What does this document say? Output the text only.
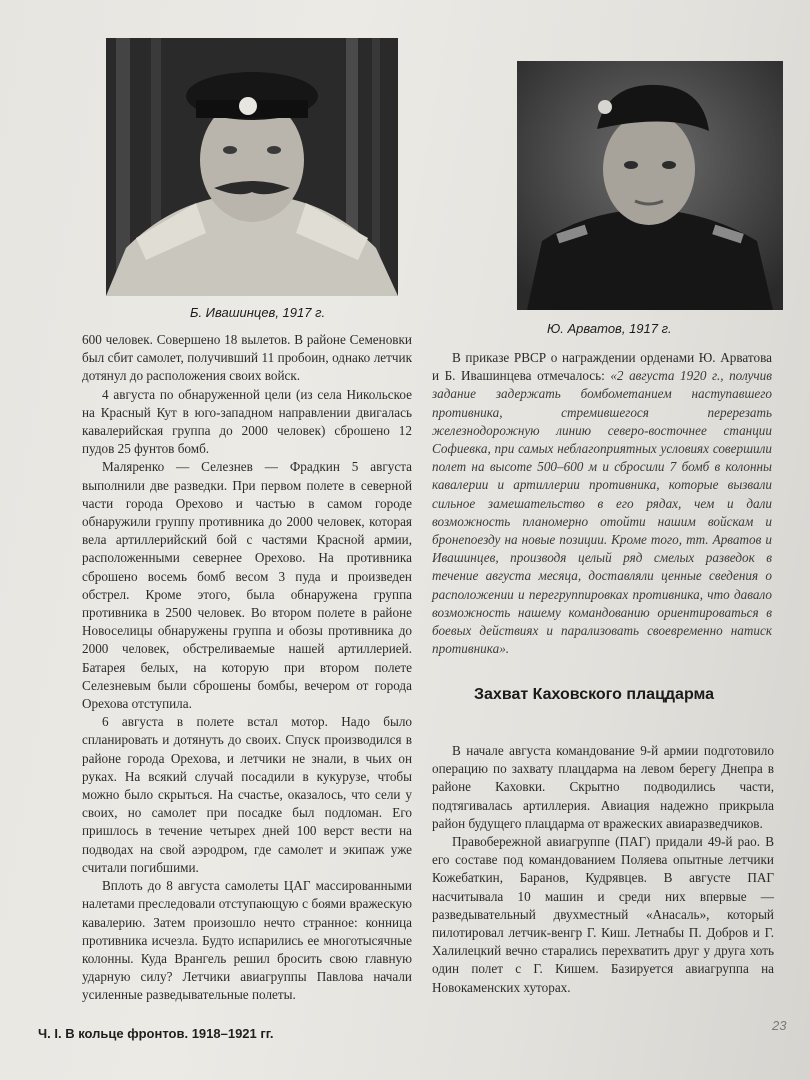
Б. Ивашинцев, 1917 г.
Ю. Арватов, 1917 г.

600 человек. Совершено 18 вылетов. В районе Семеновки был сбит самолет, получивший 11 пробоин, однако летчик дотянул до расположения своих войск.

4 августа по обнаруженной цели (из села Никольское на Красный Кут в юго-западном направлении двигалась кавалерийская группа до 2000 человек) сброшено 12 пудов 25 фунтов бомб.

Маляренко — Селезнев — Фрадкин 5 августа выполнили две разведки. При первом полете в северной части города Орехово и частью в самом городе обнаружили группу противника до 2000 человек, которая вела артиллерийский бой с частями Красной армии, расположенными севернее Орехово. На противника сброшено восемь бомб весом 3 пуда и произведен обстрел. Кроме этого, была обнаружена группа противника в 2500 человек. Во втором полете в районе Новоселицы обнаружены группа и обозы противника до 2000 человек, обстреливаемые нашей артиллерией. Батарея белых, на которую при втором полете Селезневым были сброшены бомбы, вечером от города Орехова отступила.

6 августа в полете встал мотор. Надо было спланировать и дотянуть до своих. Спуск производился в районе города Орехова, и летчики не знали, в чьих он руках. На всякий случай посадили в кукурузе, чтобы можно было скрыться. На счастье, оказалось, что сели у своих, но самолет при посадке был подломан. Его пришлось в течение четырех дней 100 верст вести на подводах на свой аэродром, где самолет и экипаж уже считали погибшими.

Вплоть до 8 августа самолеты ЦАГ массированными налетами преследовали отступающую с боями вражескую кавалерию. Затем произошло нечто странное: конница противника исчезла. Будто испарились ее многотысячные колонны. Куда Врангель решил бросить свою главную ударную силу? Летчики авиагруппы Павлова начали усиленные разведывательные полеты.

В приказе РВСР о награждении орденами Ю. Арватова и Б. Ивашинцева отмечалось: «2 августа 1920 г., получив задание задержать бомбометанием наступавшего противника, стремившегося перерезать железнодорожную линию северо-восточнее станции Софиевка, при самых неблагоприятных условиях совершили полет на высоте 500–600 м и сбросили 7 бомб в колонны кавалерии и артиллерии противника, которые вызвали сильное замешательство в его рядах, чем и дали возможность планомерно отойти нашим войскам и бронепоезду на новые позиции. Кроме того, тт. Арватов и Ивашинцев, производя целый ряд смелых разведок в течение августа месяца, доставляли ценные сведения о расположении и перегруппировках противника, что давало возможность нашему командованию ориентироваться в боевых действиях и парализовать своевременно натиск противника».

Захват Каховского плацдарма

В начале августа командование 9-й армии подготовило операцию по захвату плацдарма на левом берегу Днепра в районе Каховки. Скрытно подводились части, подтягивалась артиллерия. Авиация надежно прикрыла район будущего плацдарма от вражеских авиаразведчиков.

Правобережной авиагруппе (ПАГ) придали 49-й рао. В его составе под командованием Поляева опытные летчики Кожебаткин, Баранов, Кудрявцев. В августе ПАГ насчитывала 10 машин и среди них впервые — разведывательный двухместный «Анасаль», который пилотировал летчик-венгр Г. Киш. Летнабы П. Добров и Г. Халилецкий вечно старались перехватить друг у друга хоть один полет с Г. Кишем. Базируется авиагруппа на Новокаменских хуторах.

Ч. I. В кольце фронтов. 1918–1921 гг.
23
